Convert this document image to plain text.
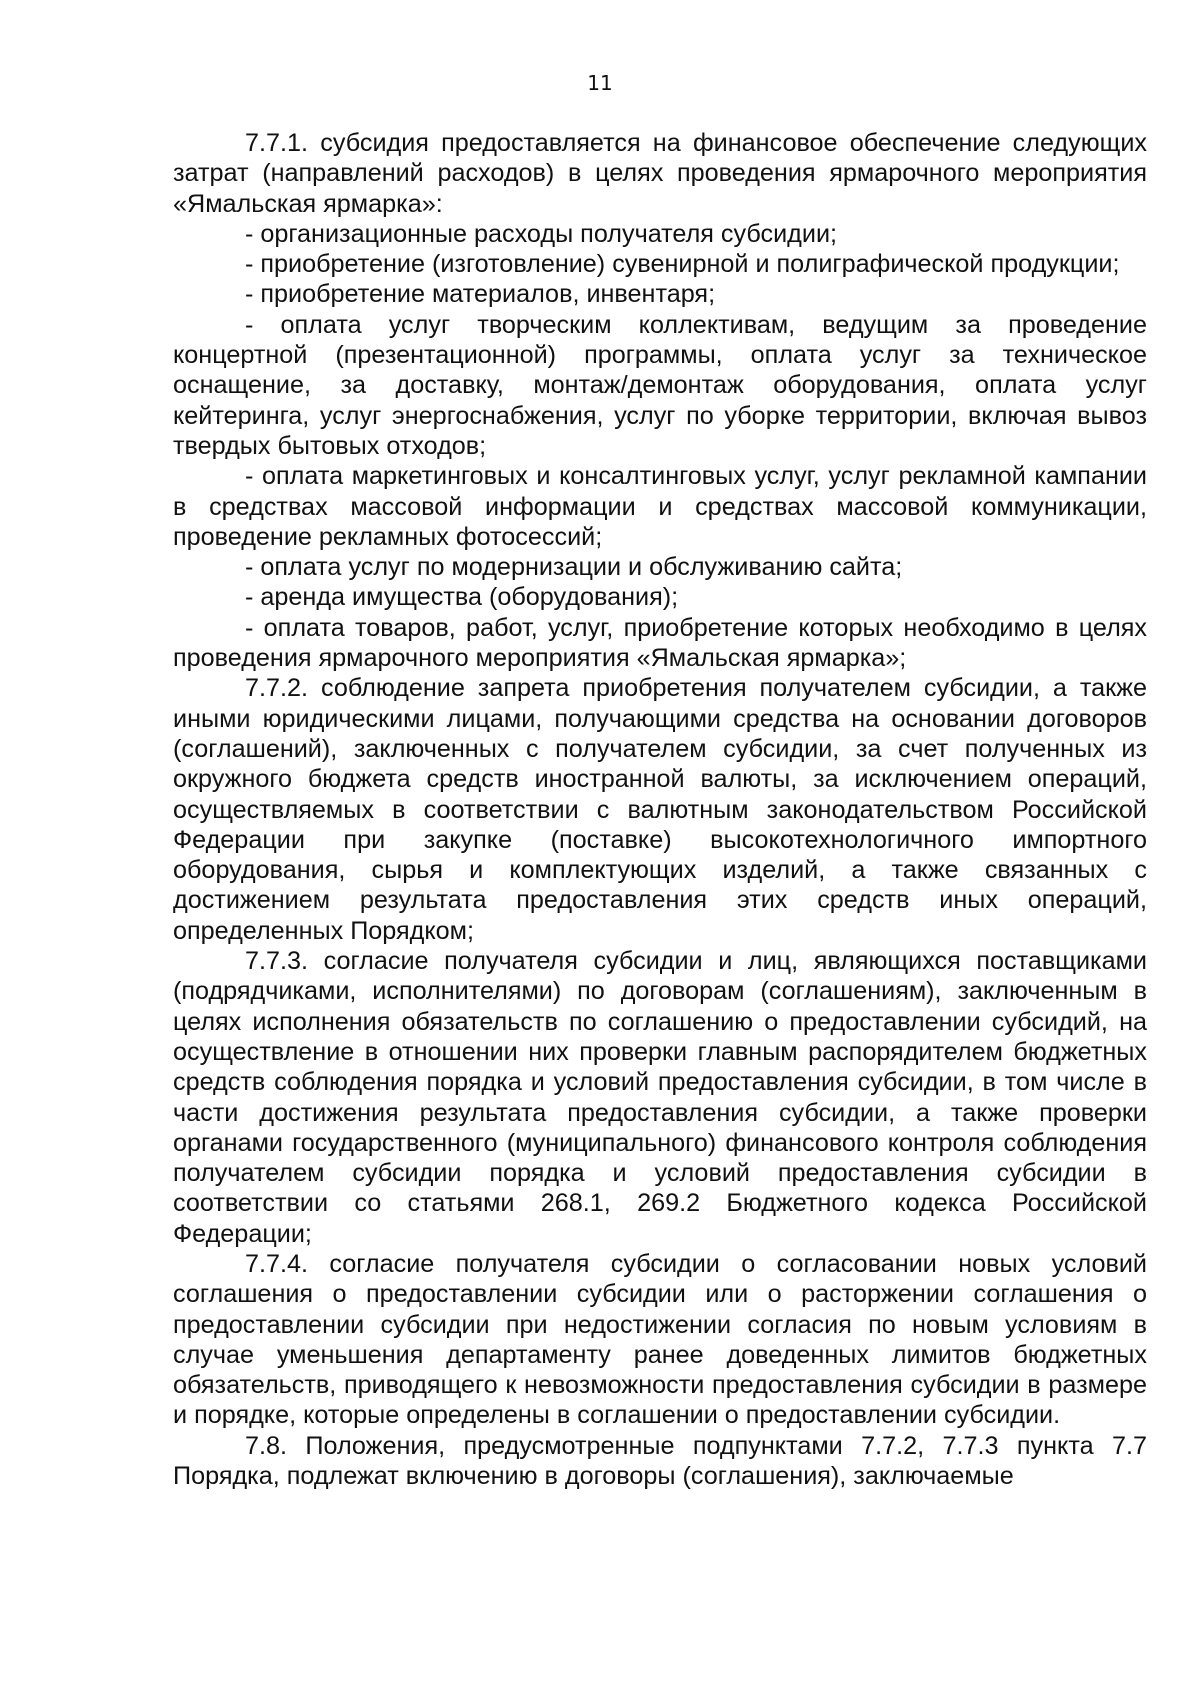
11

7.7.1. субсидия предоставляется на финансовое обеспечение следующих затрат (направлений расходов) в целях проведения ярмарочного мероприятия «Ямальская ярмарка»:

- организационные расходы получателя субсидии;

- приобретение (изготовление) сувенирной и полиграфической продукции;

- приобретение материалов, инвентаря;

- оплата услуг творческим коллективам, ведущим за проведение концертной (презентационной) программы, оплата услуг за техническое оснащение, за доставку, монтаж/демонтаж оборудования, оплата услуг кейтеринга, услуг энергоснабжения, услуг по уборке территории, включая вывоз твердых бытовых отходов;

- оплата маркетинговых и консалтинговых услуг, услуг рекламной кампании в средствах массовой информации и средствах массовой коммуникации, проведение рекламных фотосессий;

- оплата услуг по модернизации и обслуживанию сайта;

- аренда имущества (оборудования);

- оплата товаров, работ, услуг, приобретение которых необходимо в целях проведения ярмарочного мероприятия «Ямальская ярмарка»;

7.7.2. соблюдение запрета приобретения получателем субсидии, а также иными юридическими лицами, получающими средства на основании договоров (соглашений), заключенных с получателем субсидии, за счет полученных из окружного бюджета средств иностранной валюты, за исключением операций, осуществляемых в соответствии с валютным законодательством Российской Федерации при закупке (поставке) высокотехнологичного импортного оборудования, сырья и комплектующих изделий, а также связанных с достижением результата предоставления этих средств иных операций, определенных Порядком;

7.7.3. согласие получателя субсидии и лиц, являющихся поставщиками (подрядчиками, исполнителями) по договорам (соглашениям), заключенным в целях исполнения обязательств по соглашению о предоставлении субсидий, на осуществление в отношении них проверки главным распорядителем бюджетных средств соблюдения порядка и условий предоставления субсидии, в том числе в части достижения результата предоставления субсидии, а также проверки органами государственного (муниципального) финансового контроля соблюдения получателем субсидии порядка и условий предоставления субсидии в соответствии со статьями 268.1, 269.2 Бюджетного кодекса Российской Федерации;

7.7.4. согласие получателя субсидии о согласовании новых условий соглашения о предоставлении субсидии или о расторжении соглашения о предоставлении субсидии при недостижении согласия по новым условиям в случае уменьшения департаменту ранее доведенных лимитов бюджетных обязательств, приводящего к невозможности предоставления субсидии в размере и порядке, которые определены в соглашении о предоставлении субсидии.

7.8. Положения, предусмотренные подпунктами 7.7.2, 7.7.3 пункта 7.7 Порядка, подлежат включению в договоры (соглашения), заключаемые
